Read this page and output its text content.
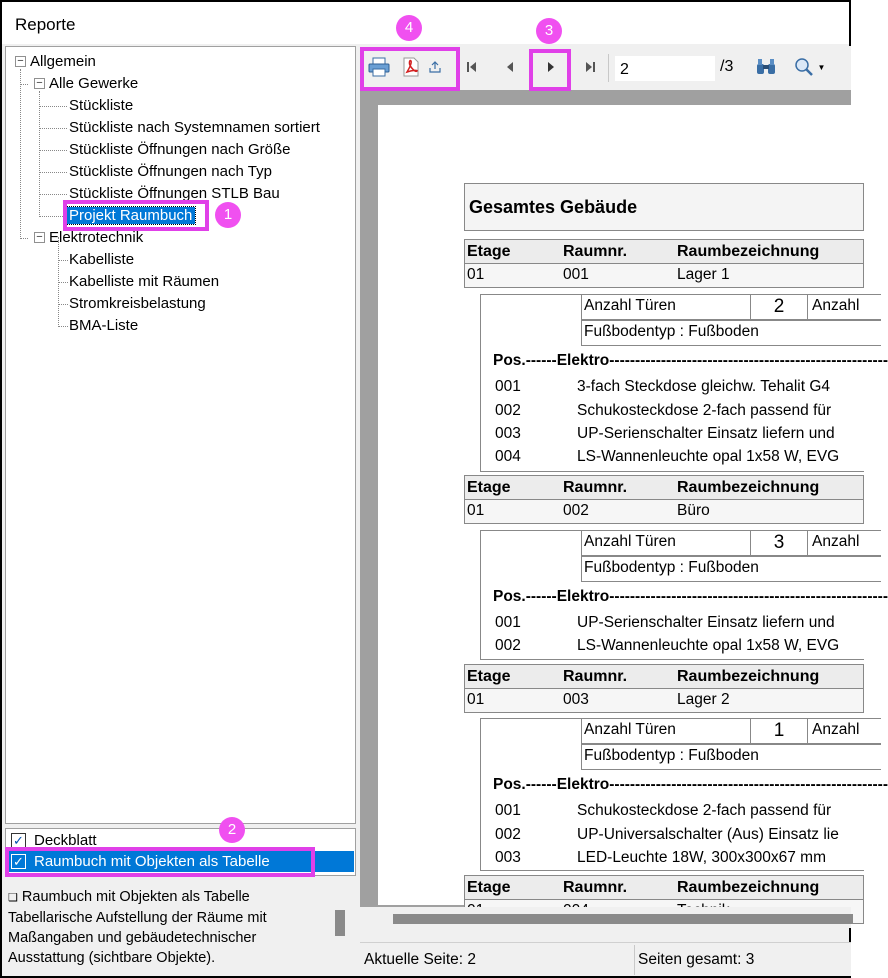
Reporte
− Allgemein
− Alle Gewerke
Stückliste
Stückliste nach Systemnamen sortiert
Stückliste Öffnungen nach Größe
Stückliste Öffnungen nach Typ
Stückliste Öffnungen STLB Bau
Projekt Raumbuch
− Elektrotechnik
Kabelliste
Kabelliste mit Räumen
Stromkreisbelastung
BMA-Liste
✓ Deckblatt
✓ Raumbuch mit Objekten als Tabelle
❑ Raumbuch mit Objekten als Tabelle
Tabellarische Aufstellung der Räume mit Maßangaben und gebäudetechnischer Ausstattung (sichtbare Objekte).
2	/3	▼
Gesamtes Gebäude
Etage	Raumnr.	Raumbezeichnung
01	001	Lager 1
Anzahl Türen	2	Anzahl
Fußbodentyp : Fußboden
Pos.------Elektro------------------------------------------------------
001	3-fach Steckdose gleichw. Tehalit G4
002	Schukosteckdose 2-fach passend für
003	UP-Serienschalter Einsatz liefern und
004	LS-Wannenleuchte opal 1x58 W, EVG
Etage	Raumnr.	Raumbezeichnung
01	002	Büro
Anzahl Türen	3	Anzahl
Fußbodentyp : Fußboden
Pos.------Elektro------------------------------------------------------
001	UP-Serienschalter Einsatz liefern und
002	LS-Wannenleuchte opal 1x58 W, EVG
Etage	Raumnr.	Raumbezeichnung
01	003	Lager 2
Anzahl Türen	1	Anzahl
Fußbodentyp : Fußboden
Pos.------Elektro------------------------------------------------------
001	Schukosteckdose 2-fach passend für
002	UP-Universalschalter (Aus) Einsatz lie
003	LED-Leuchte 18W, 300x300x67 mm
Etage	Raumnr.	Raumbezeichnung
Aktuelle Seite: 2	Seiten gesamt: 3
1
2
3
4
